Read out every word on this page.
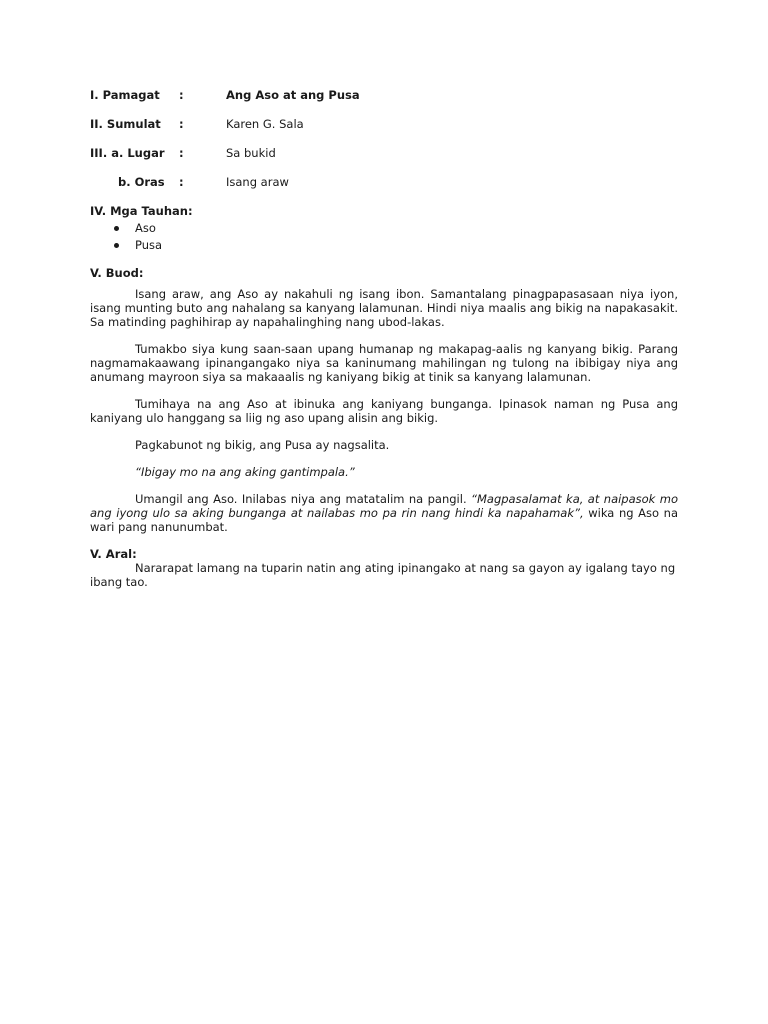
I. Pamagat :	Ang Aso at ang Pusa
II. Sumulat :	Karen G. Sala
III. a. Lugar :	Sa bukid
b. Oras :	Isang araw

IV. Mga Tauhan:

Aso
Pusa

V. Buod:

Isang araw, ang Aso ay nakahuli ng isang ibon. Samantalang pinagpapasasaan niya iyon, isang munting buto ang nahalang sa kanyang lalamunan. Hindi niya maalis ang bikig na napakasakit. Sa matinding paghihirap ay napahalinghing nang ubod-lakas.

Tumakbo siya kung saan-saan upang humanap ng makapag-aalis ng kanyang bikig. Parang nagmamakaawang ipinangangako niya sa kaninumang mahilingan ng tulong na ibibigay niya ang anumang mayroon siya sa makaaalis ng kaniyang bikig at tinik sa kanyang lalamunan.

Tumihaya na ang Aso at ibinuka ang kaniyang bunganga. Ipinasok naman ng Pusa ang kaniyang ulo hanggang sa liig ng aso upang alisin ang bikig.

Pagkabunot ng bikig, ang Pusa ay nagsalita.

“Ibigay mo na ang aking gantimpala.”

Umangil ang Aso. Inilabas niya ang matatalim na pangil. “Magpasalamat ka, at naipasok mo ang iyong ulo sa aking bunganga at nailabas mo pa rin nang hindi ka napahamak”, wika ng Aso na wari pang nanunumbat.

V. Aral:

Nararapat lamang na tuparin natin ang ating ipinangako at nang sa gayon ay igalang tayo ng ibang tao.
